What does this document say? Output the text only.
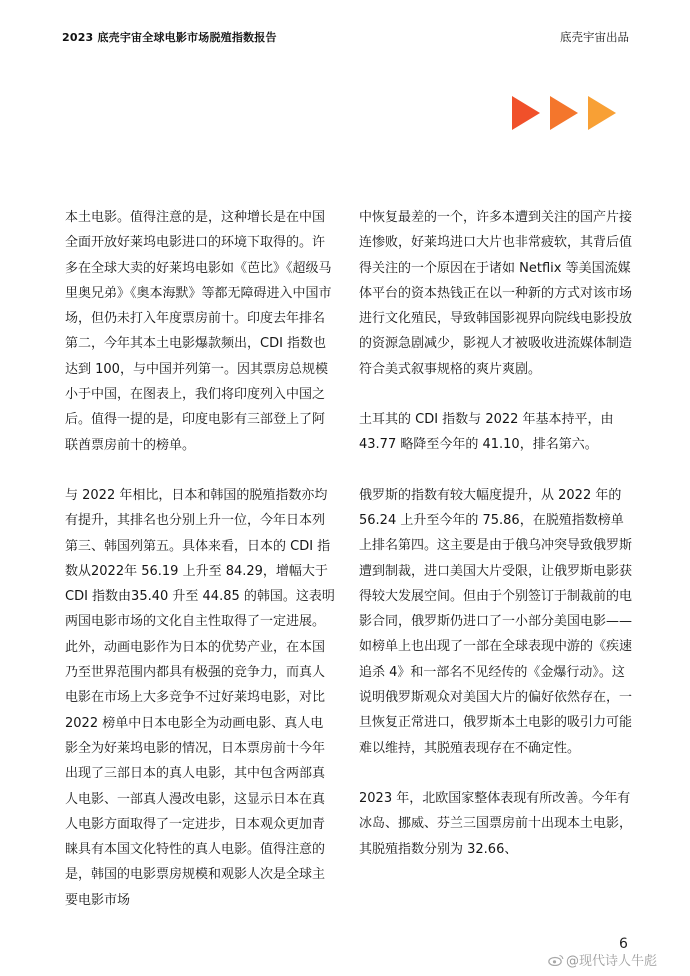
2023 底壳宇宙全球电影市场脱殖指数报告	底壳宇宙出品

本土电影。值得注意的是，这种增长是在中国全面开放好莱坞电影进口的环境下取得的。许多在全球大卖的好莱坞电影如《芭比》《超级马里奥兄弟》《奥本海默》等都无障碍进入中国市场，但仍未打入年度票房前十。印度去年排名第二，今年其本土电影爆款频出，CDI 指数也达到 100，与中国并列第一。因其票房总规模小于中国，在图表上，我们将印度列入中国之后。值得一提的是，印度电影有三部登上了阿联酋票房前十的榜单。

与 2022 年相比，日本和韩国的脱殖指数亦均有提升，其排名也分别上升一位，今年日本列第三、韩国列第五。具体来看，日本的 CDI 指数从2022年 56.19 上升至 84.29，增幅大于 CDI 指数由35.40 升至 44.85 的韩国。这表明两国电影市场的文化自主性取得了一定进展。此外，动画电影作为日本的优势产业，在本国乃至世界范围内都具有极强的竞争力，而真人电影在市场上大多竞争不过好莱坞电影，对比 2022 榜单中日本电影全为动画电影、真人电影全为好莱坞电影的情况，日本票房前十今年出现了三部日本的真人电影，其中包含两部真人电影、一部真人漫改电影，这显示日本在真人电影方面取得了一定进步，日本观众更加青睐具有本国文化特性的真人电影。值得注意的是，韩国的电影票房规模和观影人次是全球主要电影市场

中恢复最差的一个，许多本遭到关注的国产片接连惨败，好莱坞进口大片也非常疲软，其背后值得关注的一个原因在于诸如 Netflix 等美国流媒体平台的资本热钱正在以一种新的方式对该市场进行文化殖民，导致韩国影视界向院线电影投放的资源急剧减少，影视人才被吸收进流媒体制造符合美式叙事规格的爽片爽剧。

土耳其的 CDI 指数与 2022 年基本持平，由 43.77 略降至今年的 41.10，排名第六。

俄罗斯的指数有较大幅度提升，从 2022 年的56.24 上升至今年的 75.86，在脱殖指数榜单上排名第四。这主要是由于俄乌冲突导致俄罗斯遭到制裁，进口美国大片受限，让俄罗斯电影获得较大发展空间。但由于个别签订于制裁前的电影合同，俄罗斯仍进口了一小部分美国电影——如榜单上也出现了一部在全球表现中游的《疾速追杀 4》和一部名不见经传的《金爆行动》。这说明俄罗斯观众对美国大片的偏好依然存在，一旦恢复正常进口，俄罗斯本土电影的吸引力可能难以维持，其脱殖表现存在不确定性。

2023 年，北欧国家整体表现有所改善。今年有冰岛、挪威、芬兰三国票房前十出现本土电影，其脱殖指数分别为 32.66、

6
@现代诗人牛彪
